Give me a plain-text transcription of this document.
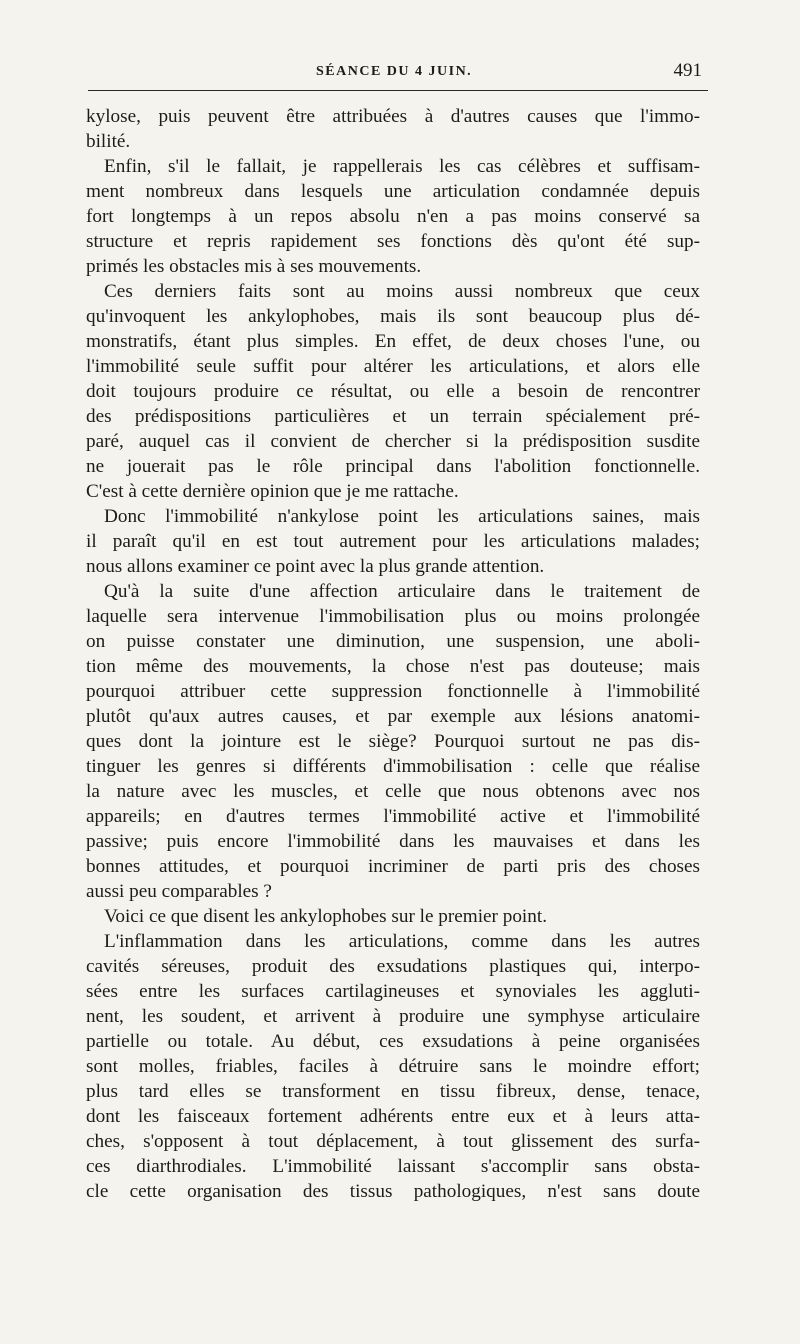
SÉANCE DU 4 JUIN.	491
kylose, puis peuvent être attribuées à d'autres causes que l'immo-
bilité.
Enfin, s'il le fallait, je rappellerais les cas célèbres et suffisam-
ment nombreux dans lesquels une articulation condamnée depuis
fort longtemps à un repos absolu n'en a pas moins conservé sa
structure et repris rapidement ses fonctions dès qu'ont été sup-
primés les obstacles mis à ses mouvements.
Ces derniers faits sont au moins aussi nombreux que ceux
qu'invoquent les ankylophobes, mais ils sont beaucoup plus dé-
monstratifs, étant plus simples. En effet, de deux choses l'une, ou
l'immobilité seule suffit pour altérer les articulations, et alors elle
doit toujours produire ce résultat, ou elle a besoin de rencontrer
des prédispositions particulières et un terrain spécialement pré-
paré, auquel cas il convient de chercher si la prédisposition susdite
ne jouerait pas le rôle principal dans l'abolition fonctionnelle.
C'est à cette dernière opinion que je me rattache.
Donc l'immobilité n'ankylose point les articulations saines, mais
il paraît qu'il en est tout autrement pour les articulations malades;
nous allons examiner ce point avec la plus grande attention.
Qu'à la suite d'une affection articulaire dans le traitement de
laquelle sera intervenue l'immobilisation plus ou moins prolongée
on puisse constater une diminution, une suspension, une aboli-
tion même des mouvements, la chose n'est pas douteuse; mais
pourquoi attribuer cette suppression fonctionnelle à l'immobilité
plutôt qu'aux autres causes, et par exemple aux lésions anatomi-
ques dont la jointure est le siège? Pourquoi surtout ne pas dis-
tinguer les genres si différents d'immobilisation : celle que réalise
la nature avec les muscles, et celle que nous obtenons avec nos
appareils; en d'autres termes l'immobilité active et l'immobilité
passive; puis encore l'immobilité dans les mauvaises et dans les
bonnes attitudes, et pourquoi incriminer de parti pris des choses
aussi peu comparables ?
Voici ce que disent les ankylophobes sur le premier point.
L'inflammation dans les articulations, comme dans les autres
cavités séreuses, produit des exsudations plastiques qui, interpo-
sées entre les surfaces cartilagineuses et synoviales les aggluti-
nent, les soudent, et arrivent à produire une symphyse articulaire
partielle ou totale. Au début, ces exsudations à peine organisées
sont molles, friables, faciles à détruire sans le moindre effort;
plus tard elles se transforment en tissu fibreux, dense, tenace,
dont les faisceaux fortement adhérents entre eux et à leurs atta-
ches, s'opposent à tout déplacement, à tout glissement des surfa-
ces diarthrodiales. L'immobilité laissant s'accomplir sans obsta-
cle cette organisation des tissus pathologiques, n'est sans doute
